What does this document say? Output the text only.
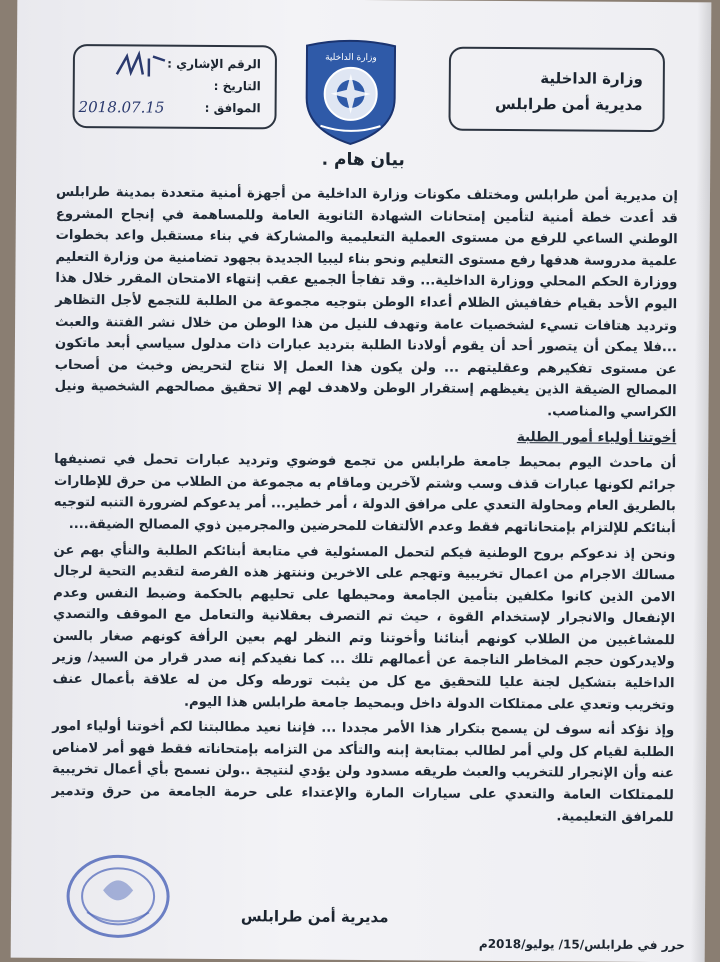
وزارة الداخلية
مديرية أمن طرابلس
الرقم الإشاري :
التاريخ :
الموافق :
2018.07.15
وزارة الداخلية
بيان هام .

إن مديرية أمن طرابلس ومختلف مكونات وزارة الداخلية من أجهزة أمنية متعددة بمدينة طرابلس قد أعدت خطة أمنية لتأمين إمتحانات الشهادة الثانوية العامة وللمساهمة في إنجاح المشروع الوطني الساعي للرفع من مستوى العملية التعليمية والمشاركة في بناء مستقبل واعد بخطوات علمية مدروسة هدفها رفع مستوى التعليم ونحو بناء ليبيا الجديدة بجهود تضامنية من وزارة التعليم ووزارة الحكم المحلي ووزارة الداخلية... وقد تفاجأ الجميع عقب إنتهاء الامتحان المقرر خلال هذا اليوم الأحد بقيام خفافيش الظلام أعداء الوطن بتوجيه مجموعة من الطلبة للتجمع لأجل التظاهر وترديد هتافات تسيء لشخصيات عامة وتهدف للنيل من هذا الوطن من خلال نشر الفتنة والعبث ...فلا يمكن أن يتصور أحد أن يقوم أولادنا الطلبة بترديد عبارات ذات مدلول سياسي أبعد ماتكون عن مستوى تفكيرهم وعقليتهم ... ولن يكون هذا العمل إلا نتاج لتحريض وخبث من أصحاب المصالح الضيقة الذين يغيظهم إستقرار الوطن ولاهدف لهم إلا تحقيق مصالحهم الشخصية ونيل الكراسي والمناصب.

أخوتنا أولياء أمور الطلبة

أن ماحدث اليوم بمحيط جامعة طرابلس من تجمع فوضوي وترديد عبارات تحمل في تصنيفها جرائم لكونها عبارات قذف وسب وشتم لآخرين وماقام به مجموعة من الطلاب من حرق للإطارات بالطريق العام ومحاولة التعدي على مرافق الدولة ، أمر خطير... أمر يدعوكم لضرورة التنبه لتوجيه أبنائكم للإلتزام بإمتحاناتهم فقط وعدم الألتفات للمحرضين والمجرمين ذوي المصالح الضيقة....

ونحن إذ ندعوكم بروح الوطنية فيكم لتحمل المسئولية في متابعة أبنائكم الطلبة والنأي بهم عن مسالك الاجرام من اعمال تخريبية وتهجم على الاخرين وننتهز هذه الفرصة لتقديم التحية لرجال الامن الذين كانوا مكلفين بتأمين الجامعة ومحيطها على تحليهم بالحكمة وضبط النفس وعدم الإنفعال والانجرار لإستخدام القوة ، حيث تم التصرف بعقلانية والتعامل مع الموقف والتصدي للمشاغبين من الطلاب كونهم أبنائنا وأخوتنا وتم النظر لهم بعين الرأفة كونهم صغار بالسن ولايدركون حجم المخاطر الناجمة عن أعمالهم تلك ... كما نفيدكم إنه صدر قرار من السيد/ وزير الداخلية بتشكيل لجنة عليا للتحقيق مع كل من يثبت تورطه وكل من له علاقة بأعمال عنف وتخريب وتعدي على ممتلكات الدولة داخل وبمحيط جامعة طرابلس هذا اليوم.

وإذ نؤكد أنه سوف لن يسمح بتكرار هذا الأمر مجددا ... فإننا نعيد مطالبتنا لكم أخوتنا أولياء امور الطلبة لقيام كل ولي أمر لطالب بمتابعة إبنه والتأكد من التزامه بإمتحاناته فقط فهو أمر لامناص عنه وأن الإنجرار للتخريب والعبث طريقه مسدود ولن يؤدي لنتيجة ..ولن نسمح بأي أعمال تخريبية للممتلكات العامة والتعدي على سيارات المارة والإعتداء على حرمة الجامعة من حرق وتدمير للمرافق التعليمية.

مديرية أمن طرابلس
حرر في طرابلس/15/ يوليو/2018م
